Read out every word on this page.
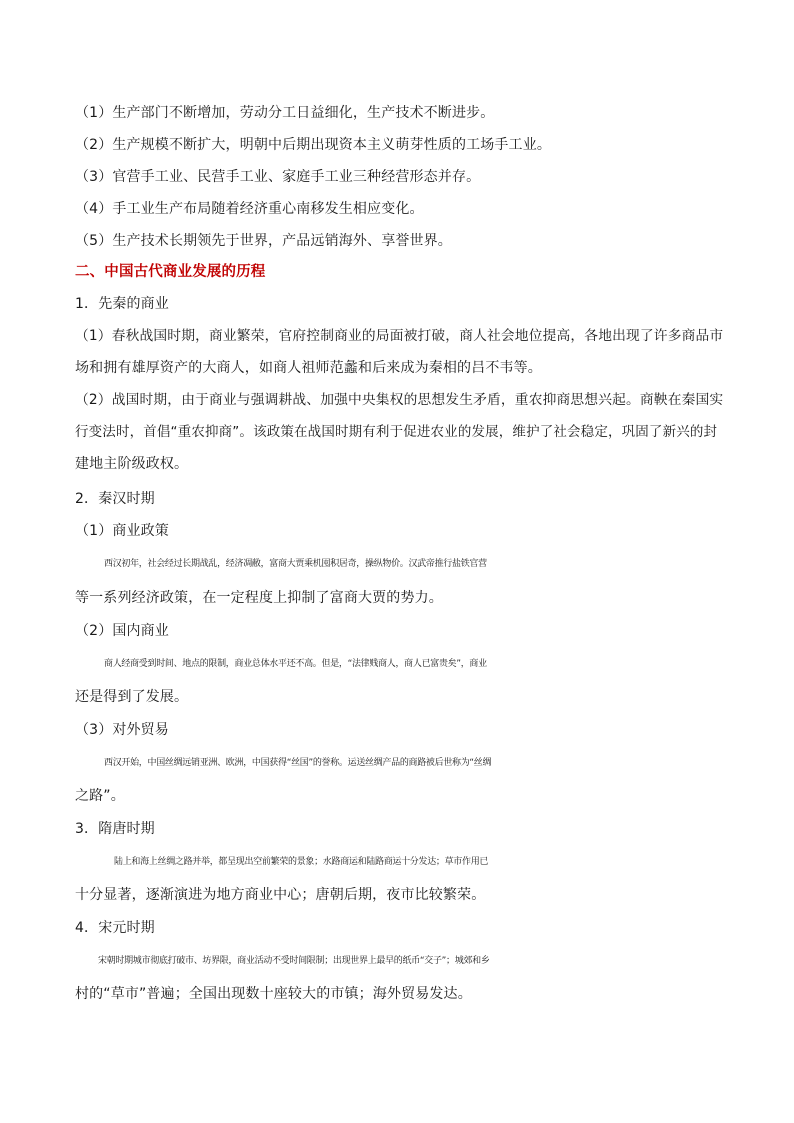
（1）生产部门不断增加，劳动分工日益细化，生产技术不断进步。
（2）生产规模不断扩大，明朝中后期出现资本主义萌芽性质的工场手工业。
（3）官营手工业、民营手工业、家庭手工业三种经营形态并存。
（4）手工业生产布局随着经济重心南移发生相应变化。
（5）生产技术长期领先于世界，产品远销海外、享誉世界。
二、中国古代商业发展的历程
1．先秦的商业
（1）春秋战国时期，商业繁荣，官府控制商业的局面被打破，商人社会地位提高，各地出现了许多商品市
场和拥有雄厚资产的大商人，如商人祖师范蠡和后来成为秦相的吕不韦等。
（2）战国时期，由于商业与强调耕战、加强中央集权的思想发生矛盾，重农抑商思想兴起。商鞅在秦国实
行变法时，首倡“重农抑商”。该政策在战国时期有利于促进农业的发展，维护了社会稳定，巩固了新兴的封
建地主阶级政权。
2．秦汉时期
（1）商业政策
西汉初年，社会经过长期战乱，经济凋敝，富商大贾乘机囤积居奇，操纵物价。汉武帝推行盐铁官营
等一系列经济政策，在一定程度上抑制了富商大贾的势力。
（2）国内商业
商人经商受到时间、地点的限制，商业总体水平还不高。但是，“法律贱商人，商人已富贵矣”，商业
还是得到了发展。
（3）对外贸易
西汉开始，中国丝绸远销亚洲、欧洲，中国获得“丝国”的誉称。运送丝绸产品的商路被后世称为“丝绸
之路”。
3．隋唐时期
陆上和海上丝绸之路并举，都呈现出空前繁荣的景象；水路商运和陆路商运十分发达；草市作用已
十分显著，逐渐演进为地方商业中心；唐朝后期，夜市比较繁荣。
4．宋元时期
宋朝时期城市彻底打破市、坊界限，商业活动不受时间限制；出现世界上最早的纸币“交子”；城郊和乡
村的“草市”普遍；全国出现数十座较大的市镇；海外贸易发达。
